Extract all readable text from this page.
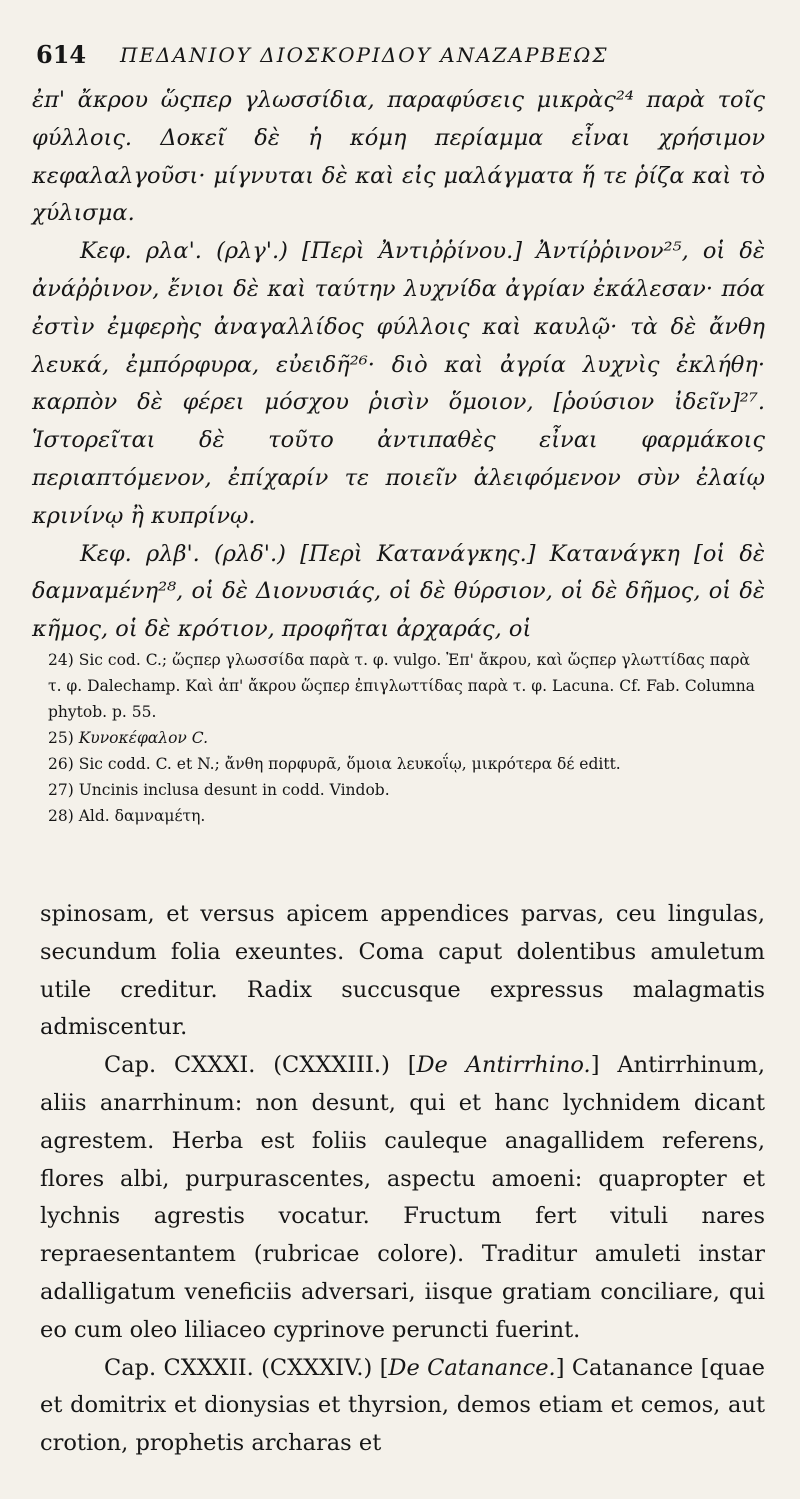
614 ΠΕΔΑΝΙΟΥ ΔΙΟΣΚΟΡΙΔΟΥ ΑΝΑΖΑΡΒΕΩΣ

ἐπ' ἄκρου ὥςπερ γλωσσίδια, παραφύσεις μικρὰς²⁴ παρὰ τοῖς φύλλοις. Δοκεῖ δὲ ἡ κόμη περίαμμα εἶναι χρήσιμον κεφαλαλγοῦσι· μίγνυται δὲ καὶ εἰς μαλάγματα ἥ τε ῥίζα καὶ τὸ χύλισμα.

Κεφ. ρλα'. (ρλγ'.) [Περὶ Ἀντιῤῥίνου.] Ἀντίῤῥινον²⁵, οἱ δὲ ἀνάῤῥινον, ἔνιοι δὲ καὶ ταύτην λυχνίδα ἀγρίαν ἐκάλεσαν· πόα ἐστὶν ἐμφερὴς ἀναγαλλίδος φύλλοις καὶ καυλῷ· τὰ δὲ ἄνθη λευκά, ἐμπόρφυρα, εὐειδῆ²⁶· διὸ καὶ ἀγρία λυχνὶς ἐκλήθη· καρπὸν δὲ φέρει μόσχου ῥισὶν ὅμοιον, [ῥούσιον ἰδεῖν]²⁷. Ἱστορεῖται δὲ τοῦτο ἀντιπαθὲς εἶναι φαρμάκοις περιαπτόμενον, ἐπίχαρίν τε ποιεῖν ἀλειφόμενον σὺν ἐλαίῳ κρινίνῳ ἢ κυπρίνῳ.

Κεφ. ρλβ'. (ρλδ'.) [Περὶ Κατανάγκης.] Κατανάγκη [οἱ δὲ δαμναμένη²⁸, οἱ δὲ Διονυσιάς, οἱ δὲ θύρσιον, οἱ δὲ δῆμος, οἱ δὲ κῆμος, οἱ δὲ κρότιον, προφῆται ἀρχαράς, οἱ

24) Sic cod. C.; ὥςπερ γλωσσίδα παρὰ τ. φ. vulgo. Ἐπ' ἄκρου, καὶ ὥςπερ γλωττίδας παρὰ τ. φ. Dalechamp. Καὶ ἀπ' ἄκρου ὥςπερ ἐπιγλωττίδας παρὰ τ. φ. Lacuna. Cf. Fab. Columna phytob. p. 55.

25) Κυνοκέφαλον C.

26) Sic codd. C. et N.; ἄνθη πορφυρᾶ, ὅμοια λευκοΐῳ, μικρότερα δέ editt.

27) Uncinis inclusa desunt in codd. Vindob.

28) Ald. δαμναμέτη.

spinosam, et versus apicem appendices parvas, ceu lingulas, secundum folia exeuntes. Coma caput dolentibus amuletum utile creditur. Radix succusque expressus malagmatis admiscentur.

Cap. CXXXI. (CXXXIII.) [De Antirrhino.] Antirrhinum, aliis anarrhinum: non desunt, qui et hanc lychnidem dicant agrestem. Herba est foliis cauleque anagallidem referens, flores albi, purpurascentes, aspectu amoeni: quapropter et lychnis agrestis vocatur. Fructum fert vituli nares repraesentantem (rubricae colore). Traditur amuleti instar adalligatum veneficiis adversari, iisque gratiam conciliare, qui eo cum oleo liliaceo cyprinove peruncti fuerint.

Cap. CXXXII. (CXXXIV.) [De Catanance.] Catanance [quae et domitrix et dionysias et thyrsion, demos etiam et cemos, aut crotion, prophetis archaras et
